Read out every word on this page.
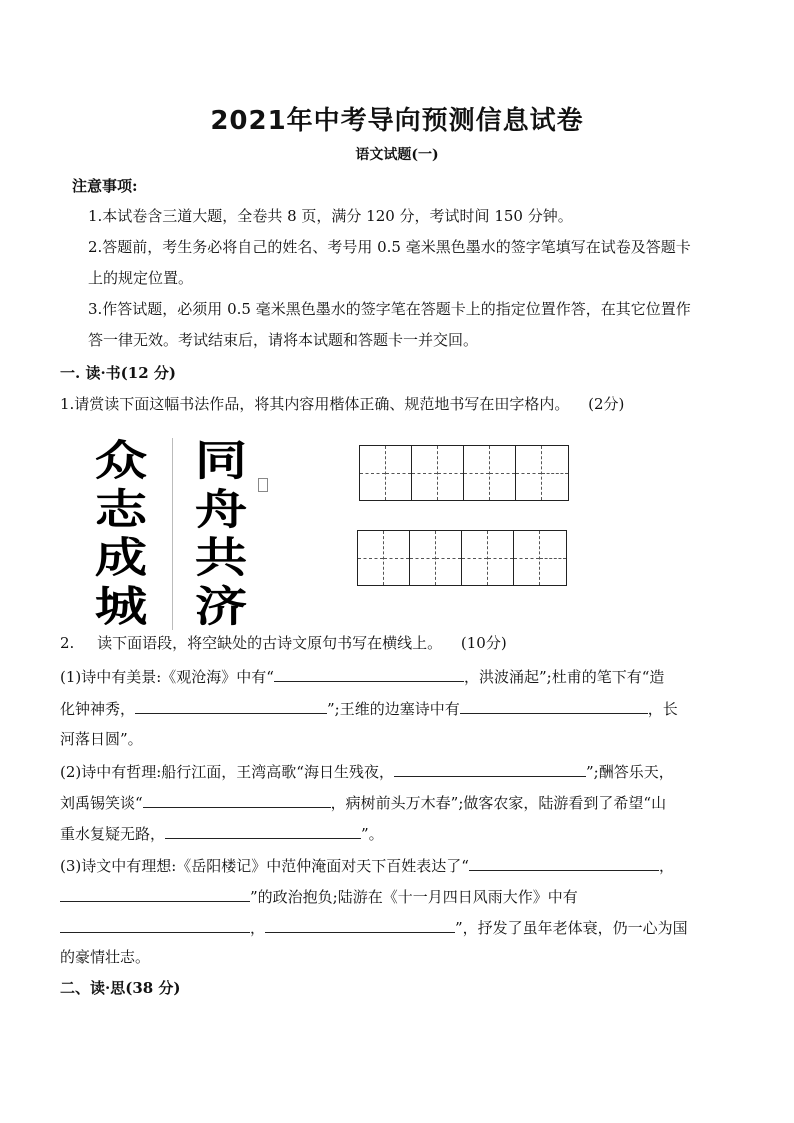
2021年中考导向预测信息试卷
语文试题(一)
注意事项:
1.本试卷含三道大题，全卷共 8 页，满分 120 分，考试时间 150 分钟。
2.答题前，考生务必将自己的姓名、考号用 0.5 毫米黑色墨水的签字笔填写在试卷及答题卡
上的规定位置。
3.作答试题，必须用 0.5 毫米黑色墨水的签字笔在答题卡上的指定位置作答，在其它位置作
答一律无效。考试结束后，请将本试题和答题卡一并交回。
一. 读·书(12 分)
1.请赏读下面这幅书法作品，将其内容用楷体正确、规范地书写在田字格内。 (2分)
众
志
成
城
同
舟
共
济
2. 读下面语段，将空缺处的古诗文原句书写在横线上。 (10分)
(1)诗中有美景:《观沧海》中有“	，洪波涌起”;杜甫的笔下有“造
化钟神秀，	”;王维的边塞诗中有	，长
河落日圆”。
(2)诗中有哲理:船行江面，王湾高歌“海日生残夜，	”;酬答乐天，
刘禹锡笑谈“	，病树前头万木春”;做客农家，陆游看到了希望“山
重水复疑无路，	”。
(3)诗文中有理想:《岳阳楼记》中范仲淹面对天下百姓表达了“	，
”的政治抱负;陆游在《十一月四日风雨大作》中有
，	”，抒发了虽年老体衰，仍一心为国
的豪情壮志。
二、读·思(38 分)
